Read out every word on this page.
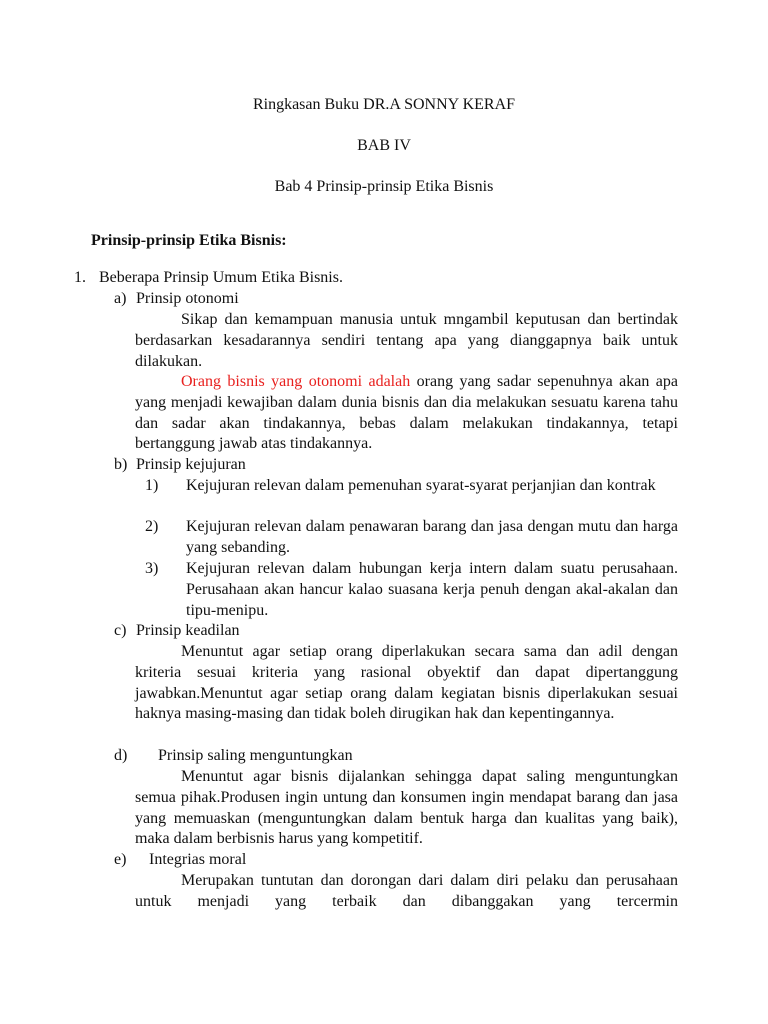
Ringkasan Buku DR.A SONNY KERAF
BAB IV
Bab 4 Prinsip-prinsip Etika Bisnis
Prinsip-prinsip Etika Bisnis:
1. Beberapa Prinsip Umum Etika Bisnis.
a) Prinsip otonomi

Sikap dan kemampuan manusia untuk mngambil keputusan dan bertindak berdasarkan kesadarannya sendiri tentang apa yang dianggapnya baik untuk dilakukan.

Orang bisnis yang otonomi adalah orang yang sadar sepenuhnya akan apa yang menjadi kewajiban dalam dunia bisnis dan dia melakukan sesuatu karena tahu dan sadar akan tindakannya, bebas dalam melakukan tindakannya, tetapi bertanggung jawab atas tindakannya.

b) Prinsip kejujuran
1) Kejujuran relevan dalam pemenuhan syarat-syarat perjanjian dan kontrak

2) Kejujuran relevan dalam penawaran barang dan jasa dengan mutu dan harga yang sebanding.

3) Kejujuran relevan dalam hubungan kerja intern dalam suatu perusahaan. Perusahaan akan hancur kalao suasana kerja penuh dengan akal-akalan dan tipu-menipu.

c) Prinsip keadilan

Menuntut agar setiap orang diperlakukan secara sama dan adil dengan kriteria sesuai kriteria yang rasional obyektif dan dapat dipertanggung jawabkan.Menuntut agar setiap orang dalam kegiatan bisnis diperlakukan sesuai haknya masing-masing dan tidak boleh dirugikan hak dan kepentingannya.

d) Prinsip saling menguntungkan

Menuntut agar bisnis dijalankan sehingga dapat saling menguntungkan semua pihak.Produsen ingin untung dan konsumen ingin mendapat barang dan jasa yang memuaskan (menguntungkan dalam bentuk harga dan kualitas yang baik), maka dalam berbisnis harus yang kompetitif.

e) Integrias moral

Merupakan tuntutan dan dorongan dari dalam diri pelaku dan perusahaan untuk menjadi yang terbaik dan dibanggakan yang tercermin
